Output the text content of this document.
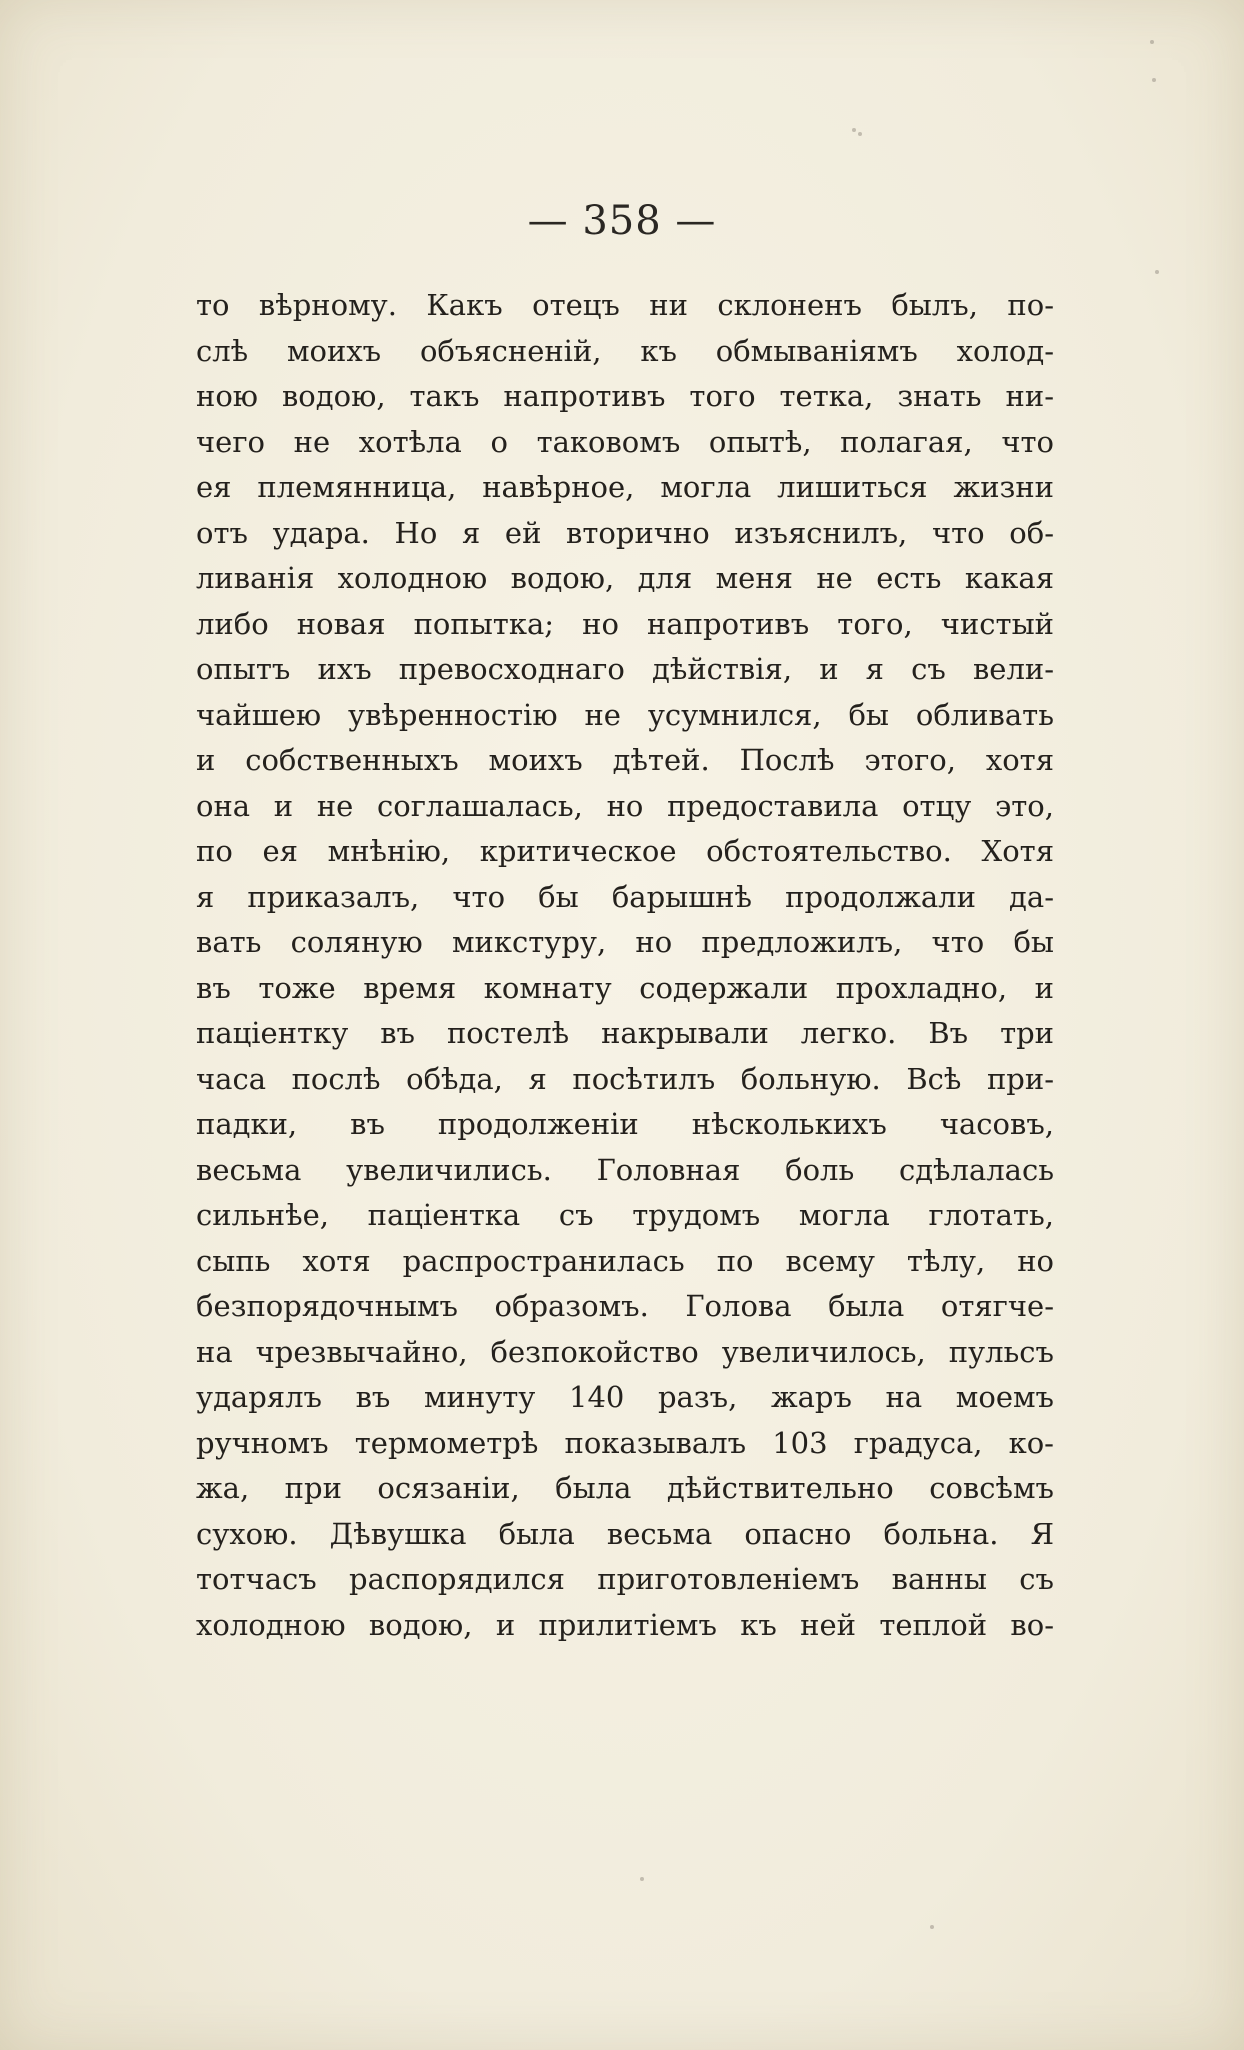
— 358 —
то вѣрному. Какъ отецъ ни склоненъ былъ, по-
слѣ моихъ объясненій, къ обмываніямъ холод-
ною водою, такъ напротивъ того тетка, знать ни-
чего не хотѣла о таковомъ опытѣ, полагая, что
ея племянница, навѣрное, могла лишиться жизни
отъ удара. Но я ей вторично изъяснилъ, что об-
ливанія холодною водою, для меня не есть какая
либо новая попытка; но напротивъ того, чистый
опытъ ихъ превосходнаго дѣйствія, и я съ вели-
чайшею увѣренностію не усумнился, бы обливать
и собственныхъ моихъ дѣтей. Послѣ этого, хотя
она и не соглашалась, но предоставила отцу это,
по ея мнѣнію, критическое обстоятельство. Хотя
я приказалъ, что бы барышнѣ продолжали да-
вать соляную микстуру, но предложилъ, что бы
въ тоже время комнату содержали прохладно, и
паціентку въ постелѣ накрывали легко. Въ три
часа послѣ обѣда, я посѣтилъ больную. Всѣ при-
падки, въ продолженіи нѣсколькихъ часовъ,
весьма увеличились. Головная боль сдѣлалась
сильнѣе, паціентка съ трудомъ могла глотать,
сыпь хотя распространилась по всему тѣлу, но
безпорядочнымъ образомъ. Голова была отягче-
на чрезвычайно, безпокойство увеличилось, пульсъ
ударялъ въ минуту 140 разъ, жаръ на моемъ
ручномъ термометрѣ показывалъ 103 градуса, ко-
жа, при осязаніи, была дѣйствительно совсѣмъ
сухою. Дѣвушка была весьма опасно больна. Я
тотчасъ распорядился приготовленіемъ ванны съ
холодною водою, и прилитіемъ къ ней теплой во-
